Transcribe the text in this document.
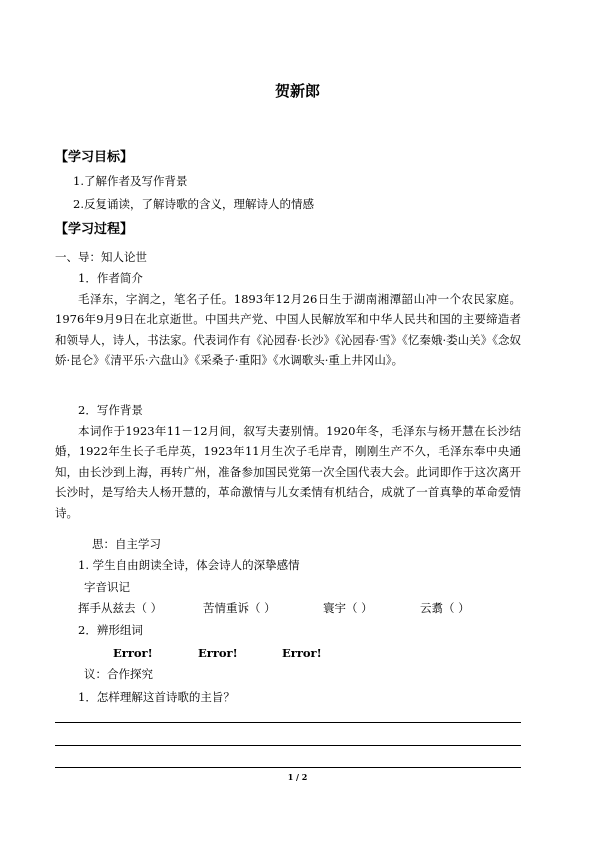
贺新郎
【学习目标】
1.了解作者及写作背景
2.反复诵读，了解诗歌的含义，理解诗人的情感
【学习过程】
一、导：知人论世
1．作者简介
毛泽东，字润之，笔名子任。1893年12月26日生于湖南湘潭韶山冲一个农民家庭。1976年9月9日在北京逝世。中国共产党、中国人民解放军和中华人民共和国的主要缔造者和领导人，诗人，书法家。代表词作有《沁园春·长沙》《沁园春·雪》《忆秦娥·娄山关》《念奴娇·昆仑》《清平乐·六盘山》《采桑子·重阳》《水调歌头·重上井冈山》。
2．写作背景
本词作于1923年11－12月间，叙写夫妻别情。1920年冬，毛泽东与杨开慧在长沙结婚，1922年生长子毛岸英，1923年11月生次子毛岸青，刚刚生产不久，毛泽东奉中央通知，由长沙到上海，再转广州，准备参加国民党第一次全国代表大会。此词即作于这次离开长沙时，是写给夫人杨开慧的，革命激情与儿女柔情有机结合，成就了一首真挚的革命爱情诗。
思：自主学习
1. 学生自由朗读全诗，体会诗人的深挚感情
字音识记
挥手从兹去（ ）	苦情重诉（ ）	寰宇（ ）	云翥（ ）
2．辨形组词
Error!	Error!	Error!
议：合作探究
1．怎样理解这首诗歌的主旨？
1 / 2
